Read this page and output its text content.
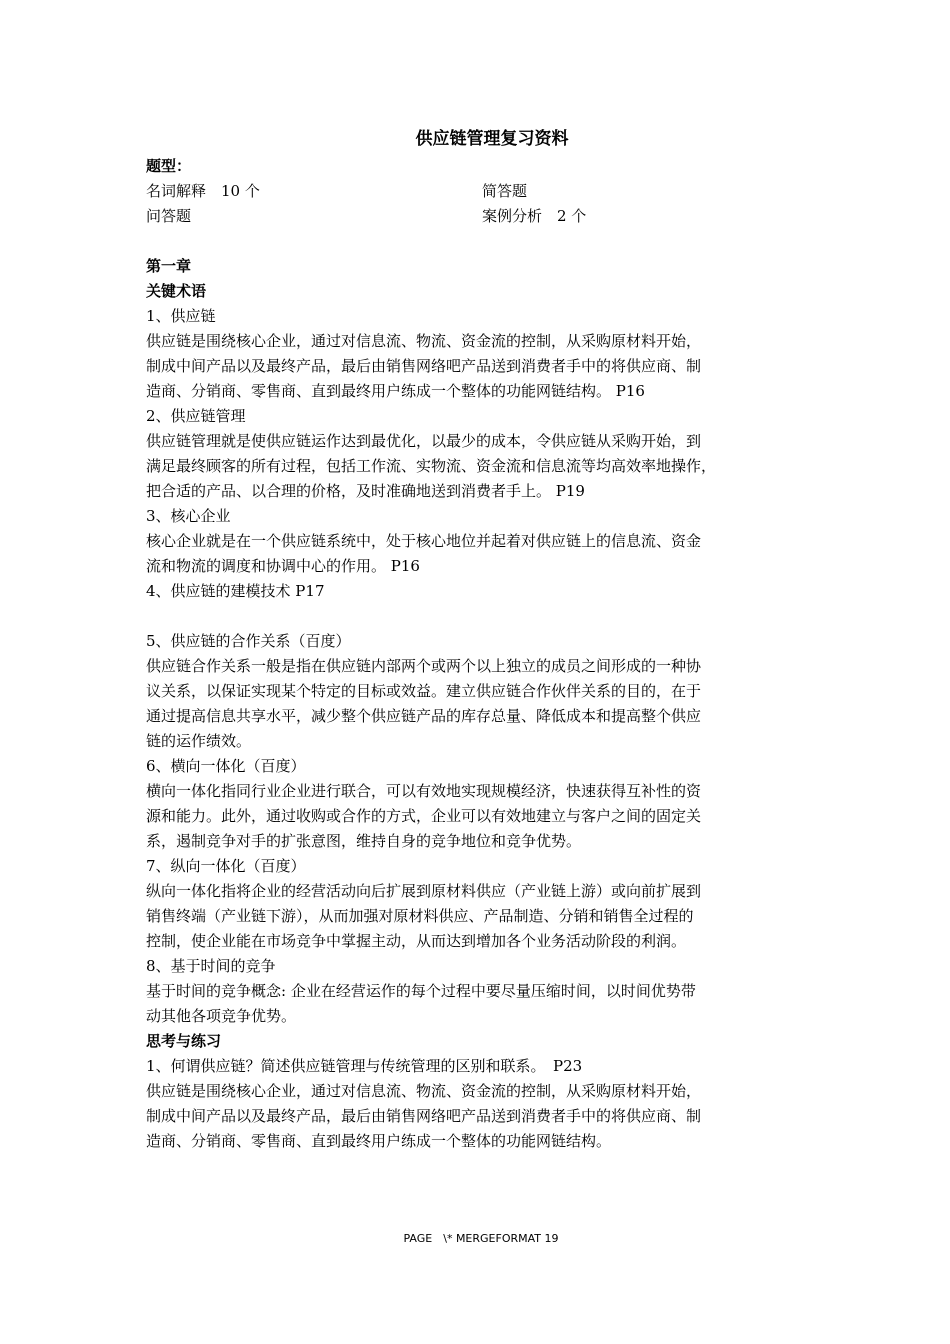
供应链管理复习资料
题型：
名词解释　10 个	简答题
问答题	案例分析　2 个
第一章
关键术语
1、供应链
供应链是围绕核心企业，通过对信息流、物流、资金流的控制，从采购原材料开始，
制成中间产品以及最终产品，最后由销售网络吧产品送到消费者手中的将供应商、制
造商、分销商、零售商、直到最终用户练成一个整体的功能网链结构。 P16
2、供应链管理
供应链管理就是使供应链运作达到最优化，以最少的成本，令供应链从采购开始，到
满足最终顾客的所有过程，包括工作流、实物流、资金流和信息流等均高效率地操作，
把合适的产品、以合理的价格，及时准确地送到消费者手上。 P19
3、核心企业
核心企业就是在一个供应链系统中，处于核心地位并起着对供应链上的信息流、资金
流和物流的调度和协调中心的作用。 P16
4、供应链的建模技术 P17
5、供应链的合作关系（百度）
供应链合作关系一般是指在供应链内部两个或两个以上独立的成员之间形成的一种协
议关系，以保证实现某个特定的目标或效益。建立供应链合作伙伴关系的目的，在于
通过提高信息共享水平，减少整个供应链产品的库存总量、降低成本和提高整个供应
链的运作绩效。
6、横向一体化（百度）
横向一体化指同行业企业进行联合，可以有效地实现规模经济，快速获得互补性的资
源和能力。此外，通过收购或合作的方式，企业可以有效地建立与客户之间的固定关
系，遏制竞争对手的扩张意图，维持自身的竞争地位和竞争优势。
7、纵向一体化（百度）
纵向一体化指将企业的经营活动向后扩展到原材料供应（产业链上游）或向前扩展到
销售终端（产业链下游），从而加强对原材料供应、产品制造、分销和销售全过程的
控制，使企业能在市场竞争中掌握主动，从而达到增加各个业务活动阶段的利润。
8、基于时间的竞争
基于时间的竞争概念: 企业在经营运作的每个过程中要尽量压缩时间，以时间优势带
动其他各项竞争优势。
思考与练习
1、何谓供应链？简述供应链管理与传统管理的区别和联系。　P23
供应链是围绕核心企业，通过对信息流、物流、资金流的控制，从采购原材料开始，
制成中间产品以及最终产品，最后由销售网络吧产品送到消费者手中的将供应商、制
造商、分销商、零售商、直到最终用户练成一个整体的功能网链结构。
PAGE　\* MERGEFORMAT 19
